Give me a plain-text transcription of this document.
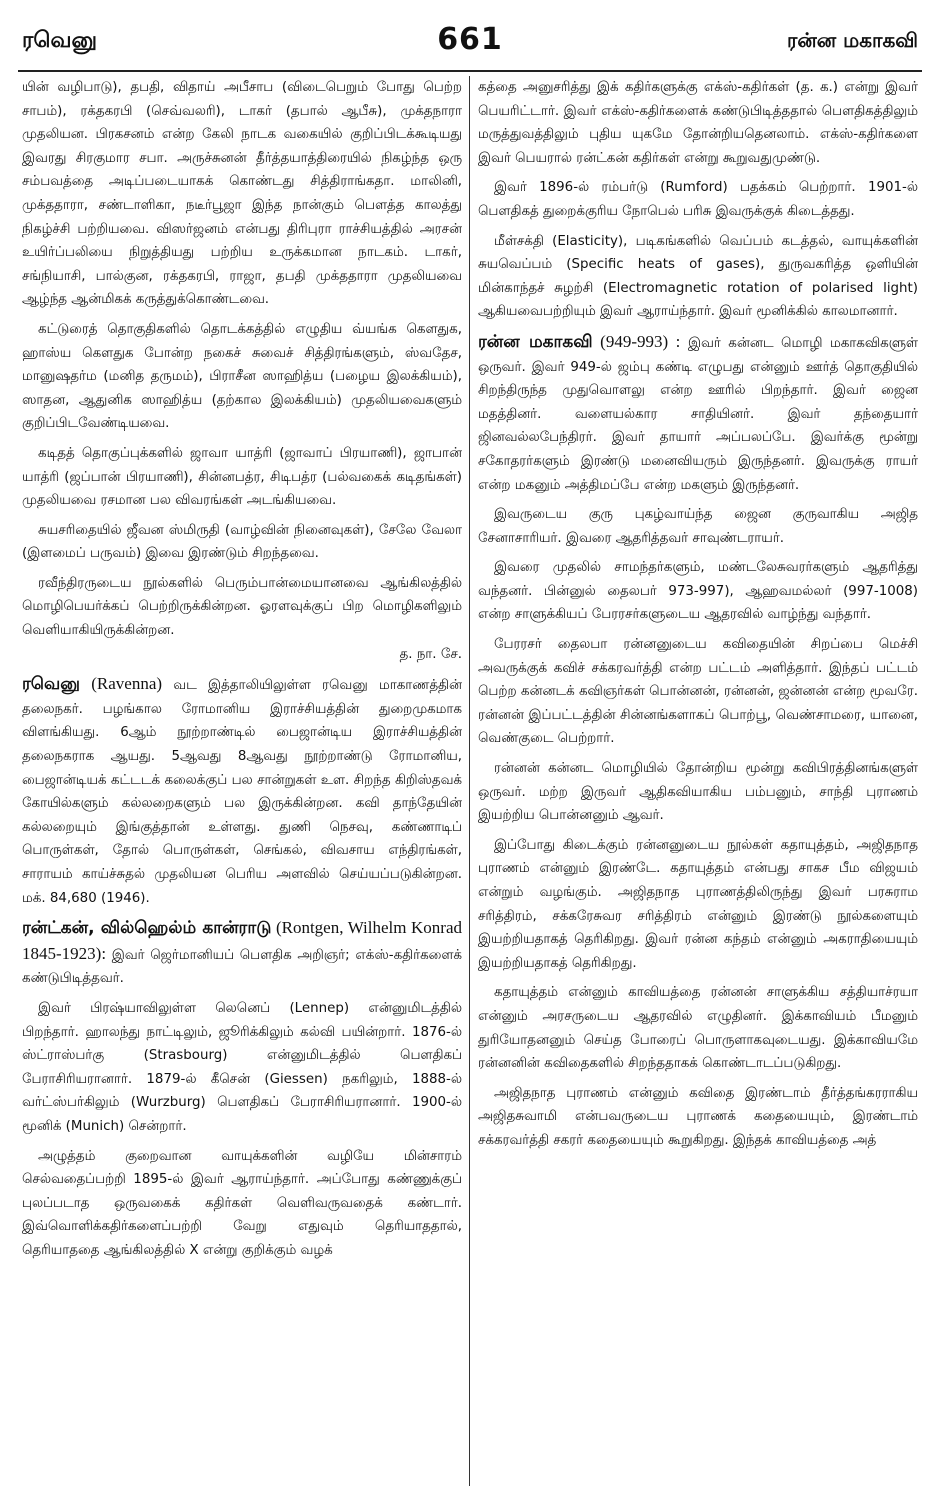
ரவெனு	661	ரன்ன மகாகவி

யின் வழிபாடு), தபதி, விதாய் அபீசாப (விடைபெறும் போது பெற்ற சாபம்), ரக்தகரபி (செவ்வலரி), டாகர் (தபால் ஆபீசு), முக்தநாரா முதலியன. பிரகசனம் என்ற கேலி நாடக வகையில் குறிப்பிடக்கூடியது இவரது சிரகுமார சபா. அருச்சுனன் தீர்த்தயாத்திரையில் நிகழ்ந்த ஒரு சம்பவத்தை அடிப்படையாகக் கொண்டது சித்திராங்கதா. மாலினி, முக்ததாரா, சண்டாளிகா, நடீர்பூஜா இந்த நான்கும் பௌத்த காலத்து நிகழ்ச்சி பற்றியவை. விஸர்ஜனம் என்பது திரிபுரா ராச்சியத்தில் அரசன் உயிர்ப்பலியை நிறுத்தியது பற்றிய உருக்கமான நாடகம். டாகர், சங்நியாசி, பால்குன, ரக்தகரபி, ராஜா, தபதி முக்ததாரா முதலியவை ஆழ்ந்த ஆன்மிகக் கருத்துக்கொண்டவை.

கட்டுரைத் தொகுதிகளில் தொடக்கத்தில் எழுதிய வ்யங்க கௌதுக, ஹாஸ்ய கௌதுக போன்ற நகைச் சுவைச் சித்திரங்களும், ஸ்வதேச, மானுஷதர்ம (மனித தருமம்), பிராசீன ஸாஹித்ய (பழைய இலக்கியம்), ஸாதன, ஆதுனிக ஸாஹித்ய (தற்கால இலக்கியம்) முதலியவைகளும் குறிப்பிடவேண்டியவை.

கடிதத் தொகுப்புக்களில் ஜாவா யாத்ரி (ஜாவாப் பிரயாணி), ஜாபான் யாத்ரி (ஜப்பான் பிரயாணி), சின்னபத்ர, சிடிபத்ர (பல்வகைக் கடிதங்கள்) முதலியவை ரசமான பல விவரங்கள் அடங்கியவை.

சுயசரிதையில் ஜீவன ஸ்மிருதி (வாழ்வின் நினைவுகள்), சேலே வேலா (இளமைப் பருவம்) இவை இரண்டும் சிறந்தவை.

ரவீந்திரருடைய நூல்களில் பெரும்பான்மையானவை ஆங்கிலத்தில் மொழிபெயர்க்கப் பெற்றிருக்கின்றன. ஓரளவுக்குப் பிற மொழிகளிலும் வெளியாகியிருக்கின்றன.
த. நா. சே.

ரவெனு (Ravenna) வட இத்தாலியிலுள்ள ரவெனு மாகாணத்தின் தலைநகர். பழங்கால ரோமானிய இராச்சியத்தின் துறைமுகமாக விளங்கியது. 6ஆம் நூற்றாண்டில் பைஜான்டிய இராச்சியத்தின் தலைநகராக ஆயது. 5ஆவது 8ஆவது நூற்றாண்டு ரோமானிய, பைஜான்டியக் கட்டடக் கலைக்குப் பல சான்றுகள் உள. சிறந்த கிறிஸ்தவக் கோயில்களும் கல்லறைகளும் பல இருக்கின்றன. கவி தாந்தேயின் கல்லறையும் இங்குத்தான் உள்ளது. துணி நெசவு, கண்ணாடிப் பொருள்கள், தோல் பொருள்கள், செங்கல், விவசாய எந்திரங்கள், சாராயம் காய்ச்சுதல் முதலியன பெரிய அளவில் செய்யப்படுகின்றன. மக். 84,680 (1946).

ரன்ட்கன், வில்ஹெல்ம் கான்ராடு (Rontgen, Wilhelm Konrad 1845-1923): இவர் ஜெர்மானியப் பௌதிக அறிஞர்; எக்ஸ்-கதிர்களைக் கண்டுபிடித்தவர்.

இவர் பிரஷ்யாவிலுள்ள லெனெப் (Lennep) என்னுமிடத்தில் பிறந்தார். ஹாலந்து நாட்டிலும், ஜூரிக்கிலும் கல்வி பயின்றார். 1876-ல் ஸ்ட்ராஸ்பர்கு (Strasbourg) என்னுமிடத்தில் பௌதிகப் பேராசிரியரானார். 1879-ல் கீசென் (Giessen) நகரிலும், 1888-ல் வர்ட்ஸ்பர்கிலும் (Wurzburg) பௌதிகப் பேராசிரியரானார். 1900-ல் மூனிக் (Munich) சென்றார்.

அழுத்தம் குறைவான வாயுக்களின் வழியே மின்சாரம் செல்வதைப்பற்றி 1895-ல் இவர் ஆராய்ந்தார். அப்போது கண்ணுக்குப் புலப்படாத ஒருவகைக் கதிர்கள் வெளிவருவதைக் கண்டார். இவ்வொளிக்கதிர்களைப்பற்றி வேறு எதுவும் தெரியாததால், தெரியாததை ஆங்கிலத்தில் X என்று குறிக்கும் வழக்

கத்தை அனுசரித்து இக் கதிர்களுக்கு எக்ஸ்-கதிர்கள் (த. க.) என்று இவர் பெயரிட்டார். இவர் எக்ஸ்-கதிர்களைக் கண்டுபிடித்ததால் பௌதிகத்திலும் மருத்துவத்திலும் புதிய யுகமே தோன்றியதெனலாம். எக்ஸ்-கதிர்களை இவர் பெயரால் ரன்ட்கன் கதிர்கள் என்று கூறுவதுமுண்டு.

இவர் 1896-ல் ரம்பர்டு (Rumford) பதக்கம் பெற்றார். 1901-ல் பௌதிகத் துறைக்குரிய நோபெல் பரிசு இவருக்குக் கிடைத்தது.

மீள்சக்தி (Elasticity), படிகங்களில் வெப்பம் கடத்தல், வாயுக்களின் சுயவெப்பம் (Specific heats of gases), துருவகரித்த ஒளியின் மின்காந்தச் சுழற்சி (Electromagnetic rotation of polarised light) ஆகியவைபற்றியும் இவர் ஆராய்ந்தார். இவர் மூனிக்கில் காலமானார்.

ரன்ன மகாகவி (949-993) : இவர் கன்னட மொழி மகாகவிகளுள் ஒருவர். இவர் 949-ல் ஜம்பு கண்டி எழுபது என்னும் ஊர்த் தொகுதியில் சிறந்திருந்த முதுவொளலு என்ற ஊரில் பிறந்தார். இவர் ஜைன மதத்தினர். வளையல்கார சாதியினர். இவர் தந்தையார் ஜினவல்லபேந்திரர். இவர் தாயார் அப்பலப்பே. இவர்க்கு மூன்று சகோதரர்களும் இரண்டு மனைவியரும் இருந்தனர். இவருக்கு ராயர் என்ற மகனும் அத்திமப்பே என்ற மகளும் இருந்தனர்.

இவருடைய குரு புகழ்வாய்ந்த ஜைன குருவாகிய அஜித சேனாசாரியர். இவரை ஆதரித்தவர் சாவுண்டராயர்.

இவரை முதலில் சாமந்தர்களும், மண்டலேசுவரர்களும் ஆதரித்து வந்தனர். பின்னுல் தைலபர் 973-997), ஆஹவமல்லர் (997-1008) என்ற சாளுக்கியப் பேரரசர்களுடைய ஆதரவில் வாழ்ந்து வந்தார்.

பேரரசர் தைலபா ரன்னனுடைய கவிதையின் சிறப்பை மெச்சி அவருக்குக் கவிச் சக்கரவர்த்தி என்ற பட்டம் அளித்தார். இந்தப் பட்டம் பெற்ற கன்னடக் கவிஞர்கள் பொன்னன், ரன்னன், ஜன்னன் என்ற மூவரே. ரன்னன் இப்பட்டத்தின் சின்னங்களாகப் பொற்பூ, வெண்சாமரை, யானை, வெண்குடை பெற்றார்.

ரன்னன் கன்னட மொழியில் தோன்றிய மூன்று கவிபிரத்தினங்களுள் ஒருவர். மற்ற இருவர் ஆதிகவியாகிய பம்பனும், சாந்தி புராணம் இயற்றிய பொன்னனும் ஆவர்.

இப்போது கிடைக்கும் ரன்னனுடைய நூல்கள் கதாயுத்தம், அஜிதநாத புராணம் என்னும் இரண்டே. கதாயுத்தம் என்பது சாகச பீம விஜயம் என்றும் வழங்கும். அஜிதநாத புராணத்திலிருந்து இவர் பரசுராம சரித்திரம், சக்கரேசுவர சரித்திரம் என்னும் இரண்டு நூல்களையும் இயற்றியதாகத் தெரிகிறது. இவர் ரன்ன கந்தம் என்னும் அகராதியையும் இயற்றியதாகத் தெரிகிறது.

கதாயுத்தம் என்னும் காவியத்தை ரன்னன் சாளுக்கிய சத்தியாச்ரயா என்னும் அரசருடைய ஆதரவில் எழுதினர். இக்காவியம் பீமனும் துரியோதனனும் செய்த போரைப் பொருளாகவுடையது. இக்காவியமே ரன்னனின் கவிதைகளில் சிறந்ததாகக் கொண்டாடப்படுகிறது.

அஜிதநாத புராணம் என்னும் கவிதை இரண்டாம் தீர்த்தங்கரராகிய அஜிதசுவாமி என்பவருடைய புராணக் கதையையும், இரண்டாம் சக்கரவர்த்தி சகரர் கதையையும் கூறுகிறது. இந்தக் காவியத்தை அத்
